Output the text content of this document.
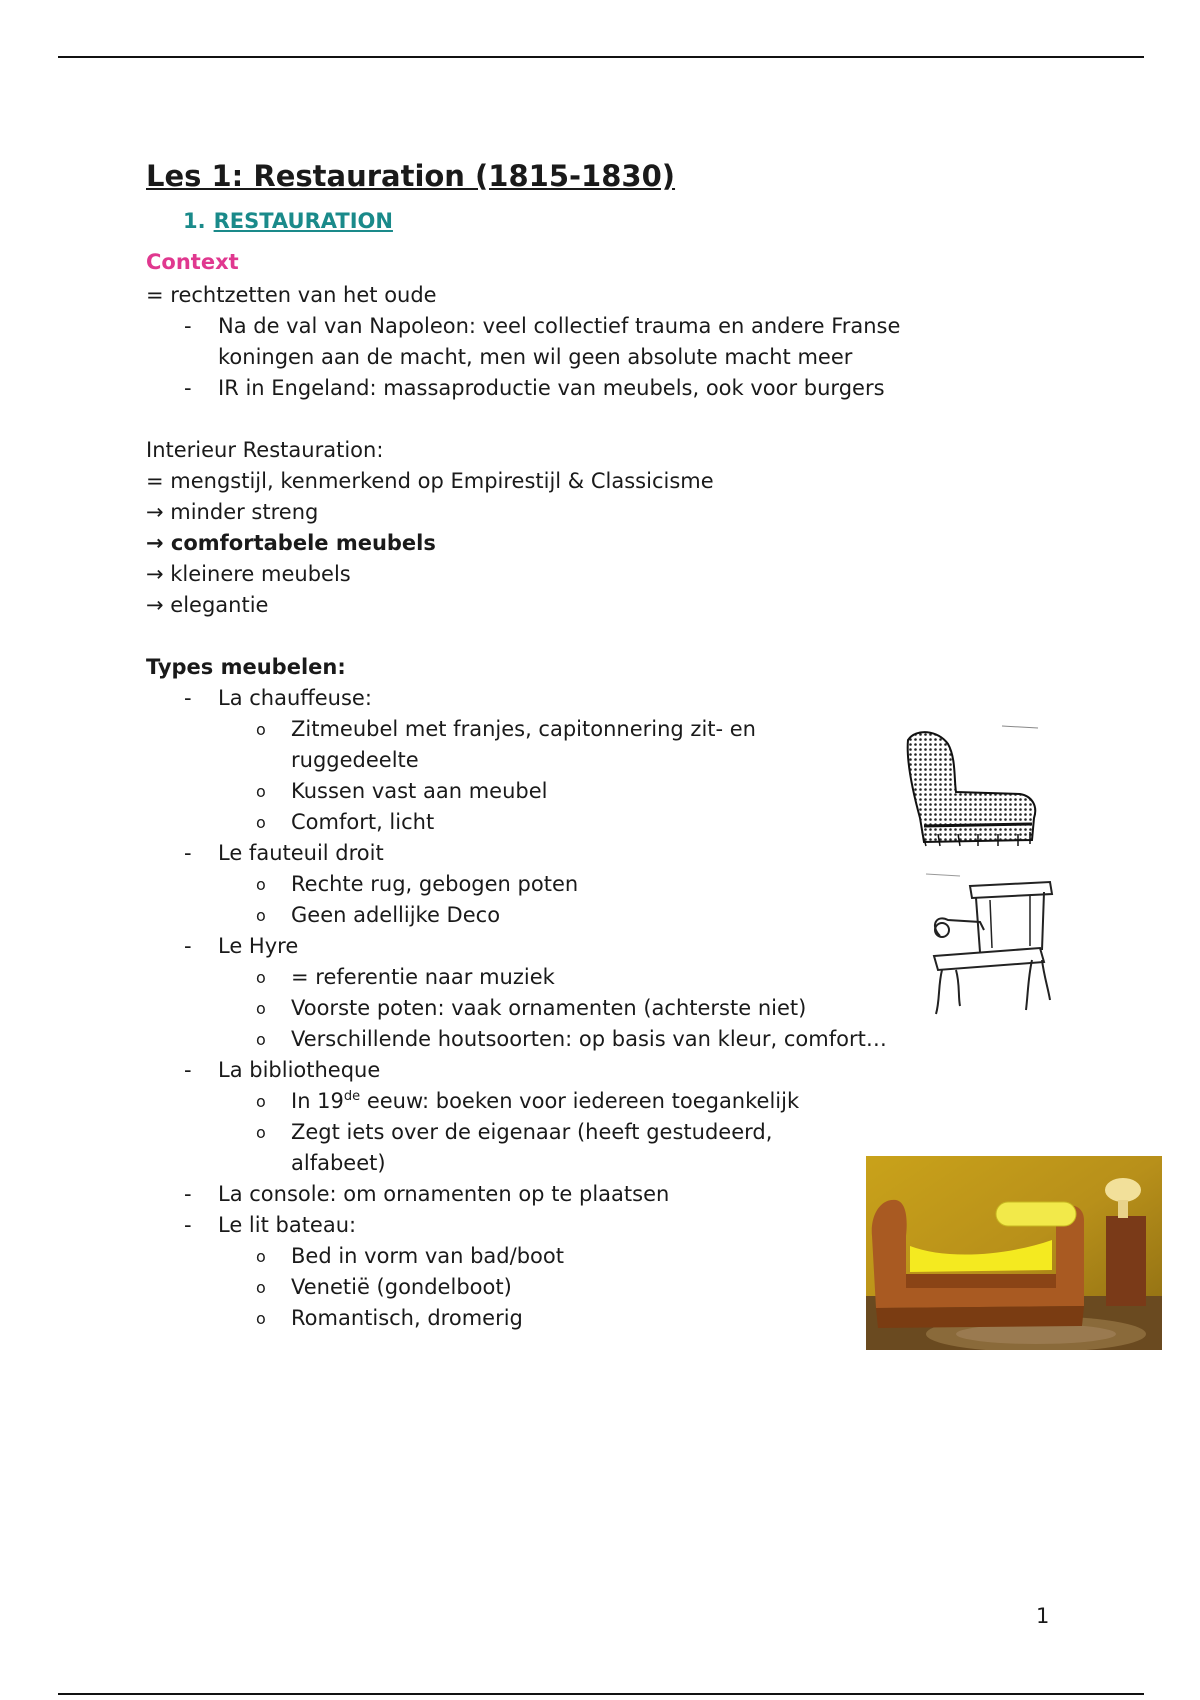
Les 1: Restauration (1815-1830)
1. RESTAURATION
Context
= rechtzetten van het oude
- Na de val van Napoleon: veel collectief trauma en andere Franse koningen aan de macht, men wil geen absolute macht meer
- IR in Engeland: massaproductie van meubels, ook voor burgers
Interieur Restauration:
= mengstijl, kenmerkend op Empirestijl & Classicisme
→ minder streng
→ comfortabele meubels
→ kleinere meubels
→ elegantie
Types meubelen:
- La chauffeuse:
o Zitmeubel met franjes, capitonnering zit- en ruggedeelte
o Kussen vast aan meubel
o Comfort, licht
- Le fauteuil droit
o Rechte rug, gebogen poten
o Geen adellijke Deco
- Le Hyre
o = referentie naar muziek
o Voorste poten: vaak ornamenten (achterste niet)
o Verschillende houtsoorten: op basis van kleur, comfort…
- La bibliotheque
o In 19de eeuw: boeken voor iedereen toegankelijk
o Zegt iets over de eigenaar (heeft gestudeerd, alfabeet)
- La console: om ornamenten op te plaatsen
- Le lit bateau:
o Bed in vorm van bad/boot
o Venetië (gondelboot)
o Romantisch, dromerig
1
